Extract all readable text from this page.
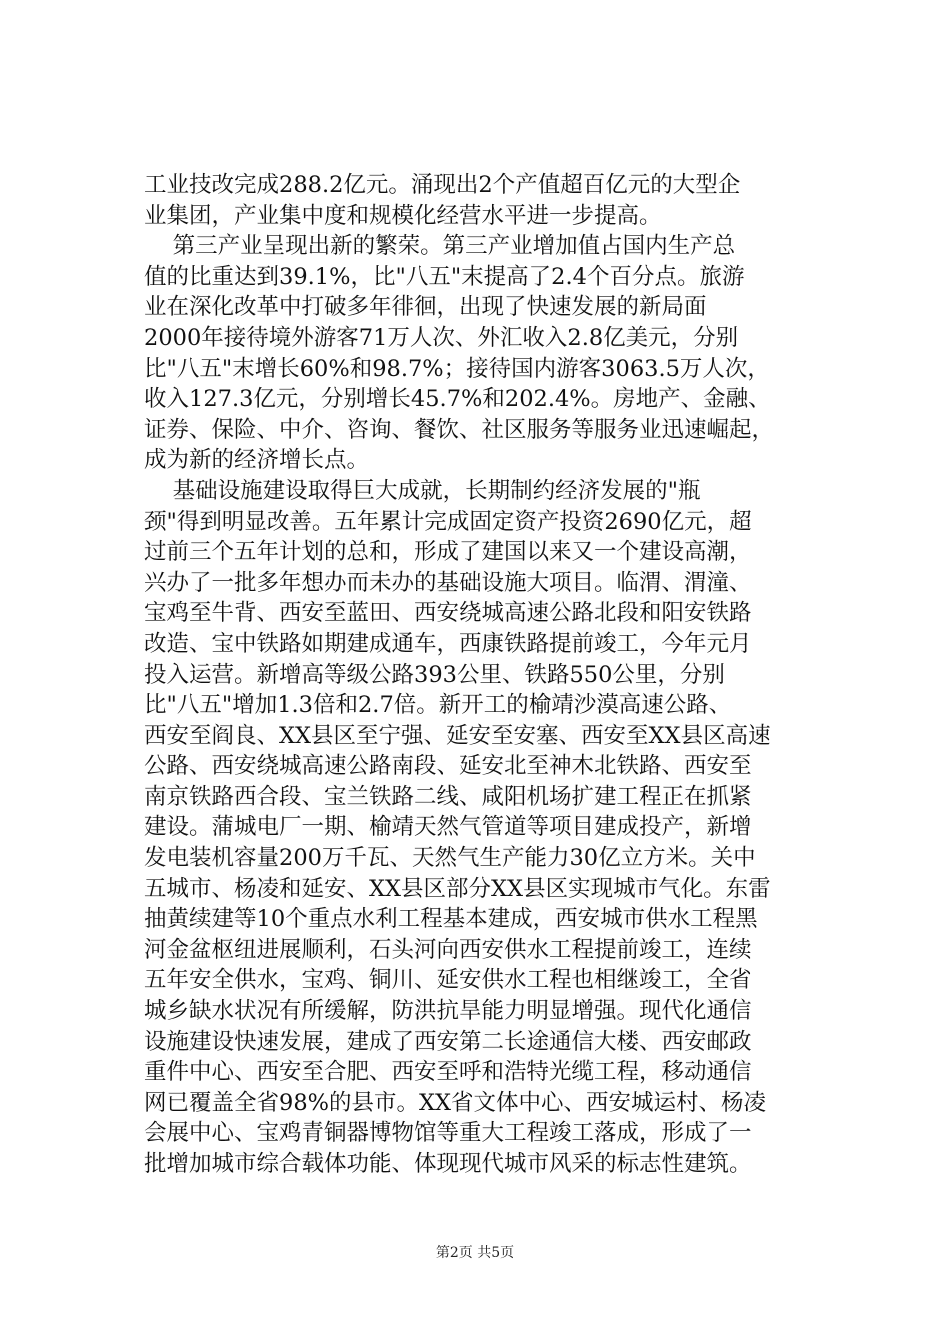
工业技改完成288.2亿元。涌现出2个产值超百亿元的大型企
业集团，产业集中度和规模化经营水平进一步提高。
第三产业呈现出新的繁荣。第三产业增加值占国内生产总
值的比重达到39.1%，比"八五"末提高了2.4个百分点。旅游
业在深化改革中打破多年徘徊，出现了快速发展的新局面
2000年接待境外游客71万人次、外汇收入2.8亿美元，分别
比"八五"末增长60%和98.7%；接待国内游客3063.5万人次，
收入127.3亿元，分别增长45.7%和202.4%。房地产、金融、
证券、保险、中介、咨询、餐饮、社区服务等服务业迅速崛起，
成为新的经济增长点。
基础设施建设取得巨大成就，长期制约经济发展的"瓶
颈"得到明显改善。五年累计完成固定资产投资2690亿元，超
过前三个五年计划的总和，形成了建国以来又一个建设高潮，
兴办了一批多年想办而未办的基础设施大项目。临渭、渭潼、
宝鸡至牛背、西安至蓝田、西安绕城高速公路北段和阳安铁路
改造、宝中铁路如期建成通车，西康铁路提前竣工，今年元月
投入运营。新增高等级公路393公里、铁路550公里，分别
比"八五"增加1.3倍和2.7倍。新开工的榆靖沙漠高速公路、
西安至阎良、XX县区至宁强、延安至安塞、西安至XX县区高速
公路、西安绕城高速公路南段、延安北至神木北铁路、西安至
南京铁路西合段、宝兰铁路二线、咸阳机场扩建工程正在抓紧
建设。蒲城电厂一期、榆靖天然气管道等项目建成投产，新增
发电装机容量200万千瓦、天然气生产能力30亿立方米。关中
五城市、杨凌和延安、XX县区部分XX县区实现城市气化。东雷
抽黄续建等10个重点水利工程基本建成，西安城市供水工程黑
河金盆枢纽进展顺利，石头河向西安供水工程提前竣工，连续
五年安全供水，宝鸡、铜川、延安供水工程也相继竣工，全省
城乡缺水状况有所缓解，防洪抗旱能力明显增强。现代化通信
设施建设快速发展，建成了西安第二长途通信大楼、西安邮政
重件中心、西安至合肥、西安至呼和浩特光缆工程，移动通信
网已覆盖全省98%的县市。XX省文体中心、西安城运村、杨凌
会展中心、宝鸡青铜器博物馆等重大工程竣工落成，形成了一
批增加城市综合载体功能、体现现代城市风采的标志性建筑。
第2页 共5页
